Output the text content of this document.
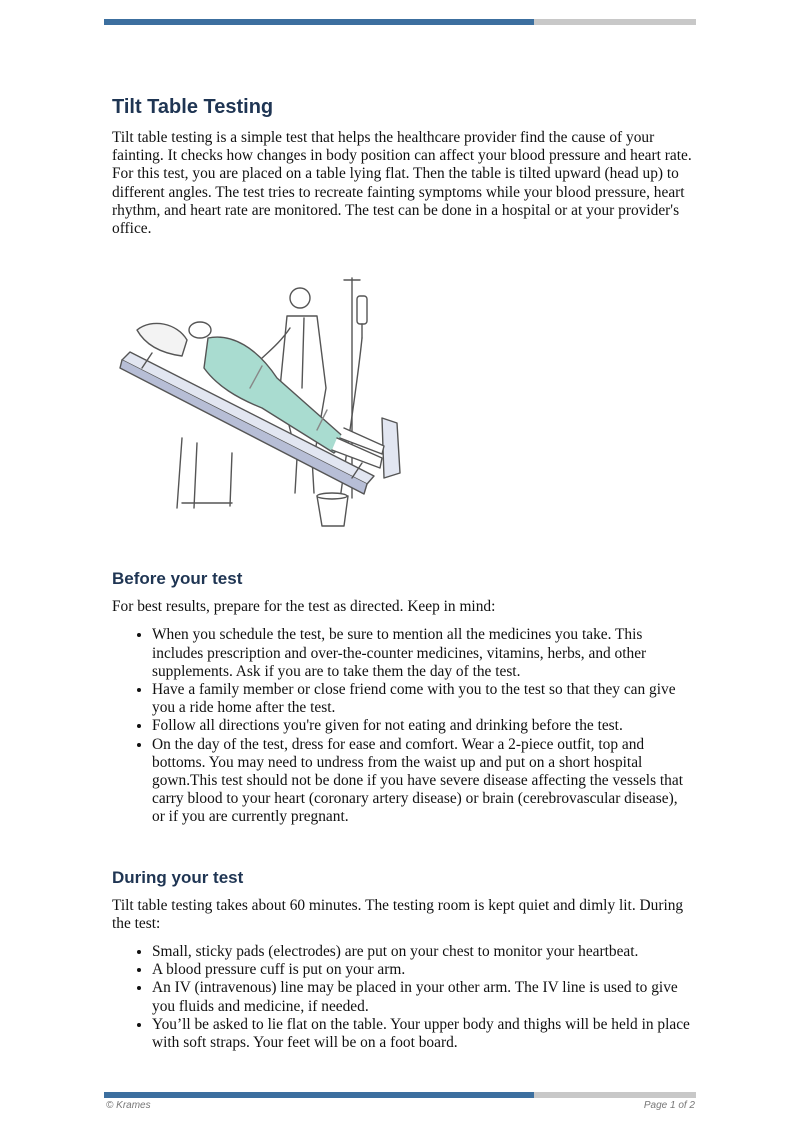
Tilt Table Testing

Tilt table testing is a simple test that helps the healthcare provider find the cause of your fainting. It checks how changes in body position can affect your blood pressure and heart rate. For this test, you are placed on a table lying flat. Then the table is tilted upward (head up) to different angles. The test tries to recreate fainting symptoms while your blood pressure, heart rhythm, and heart rate are monitored. The test can be done in a hospital or at your provider's office.

Before your test

For best results, prepare for the test as directed. Keep in mind:

• When you schedule the test, be sure to mention all the medicines you take. This includes prescription and over-the-counter medicines, vitamins, herbs, and other supplements. Ask if you are to take them the day of the test.
• Have a family member or close friend come with you to the test so that they can give you a ride home after the test.
• Follow all directions you're given for not eating and drinking before the test.
• On the day of the test, dress for ease and comfort. Wear a 2-piece outfit, top and bottoms. You may need to undress from the waist up and put on a short hospital gown.This test should not be done if you have severe disease affecting the vessels that carry blood to your heart (coronary artery disease) or brain (cerebrovascular disease), or if you are currently pregnant.
During your test

Tilt table testing takes about 60 minutes. The testing room is kept quiet and dimly lit. During the test:

• Small, sticky pads (electrodes) are put on your chest to monitor your heartbeat.
• A blood pressure cuff is put on your arm.
• An IV (intravenous) line may be placed in your other arm. The IV line is used to give you fluids and medicine, if needed.
• You’ll be asked to lie flat on the table. Your upper body and thighs will be held in place with soft straps. Your feet will be on a foot board.
© Krames	Page 1 of 2
